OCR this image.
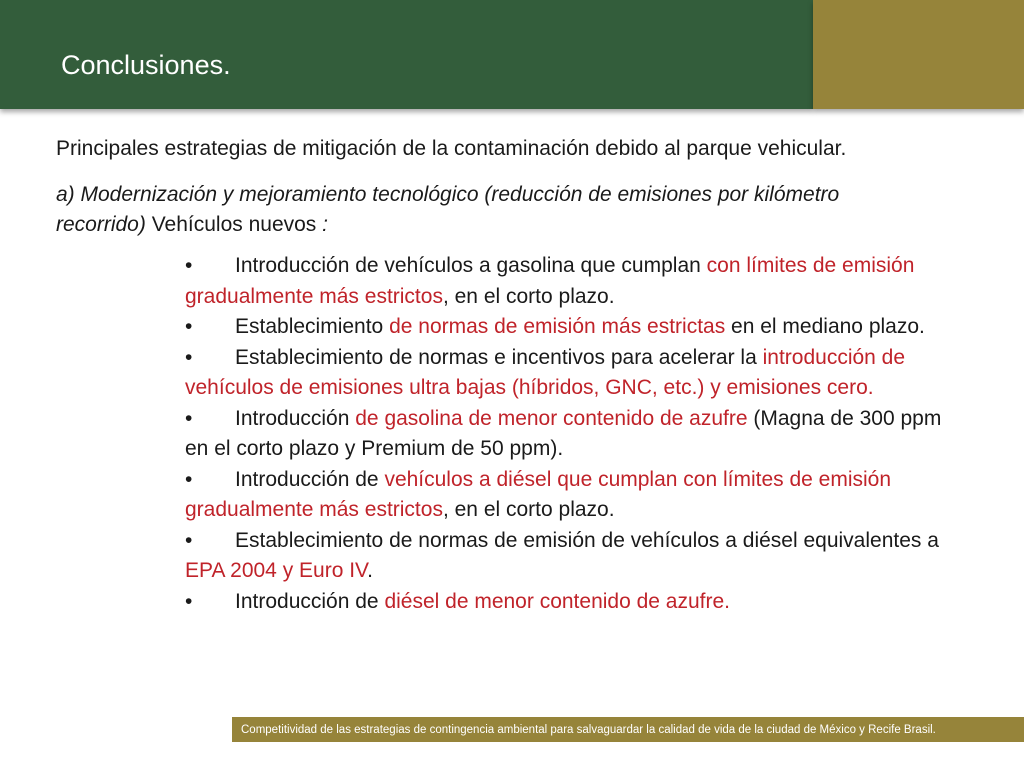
Conclusiones.

Principales estrategias de mitigación de la contaminación debido al parque vehicular.

a) Modernización y mejoramiento tecnológico (reducción de emisiones por kilómetro recorrido) Vehículos nuevos :

• Introducción de vehículos a gasolina que cumplan con límites de emisión gradualmente más estrictos, en el corto plazo.
• Establecimiento de normas de emisión más estrictas en el mediano plazo.
• Establecimiento de normas e incentivos para acelerar la introducción de vehículos de emisiones ultra bajas (híbridos, GNC, etc.) y emisiones cero.
• Introducción de gasolina de menor contenido de azufre (Magna de 300 ppm en el corto plazo y Premium de 50 ppm).
• Introducción de vehículos a diésel que cumplan con límites de emisión gradualmente más estrictos, en el corto plazo.
• Establecimiento de normas de emisión de vehículos a diésel equivalentes a EPA 2004 y Euro IV.
• Introducción de diésel de menor contenido de azufre.
Competitividad de las estrategias de contingencia ambiental para salvaguardar la calidad de vida de la ciudad de México y Recife Brasil.
